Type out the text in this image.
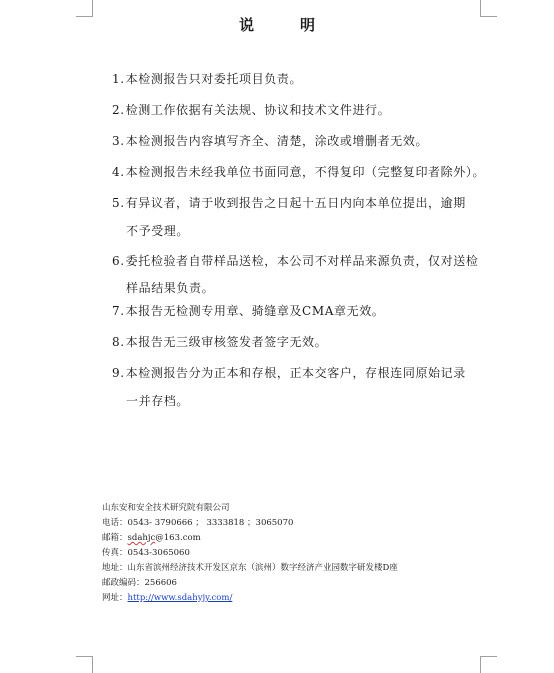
说	明
1.本检测报告只对委托项目负责。
2.检测工作依据有关法规、协议和技术文件进行。
3.本检测报告内容填写齐全、清楚，涂改或增删者无效。
4.本检测报告未经我单位书面同意，不得复印（完整复印者除外）。
5.有异议者，请于收到报告之日起十五日内向本单位提出，逾期
不予受理。
6.委托检验者自带样品送检，本公司不对样品来源负责，仅对送检
样品结果负责。
7.本报告无检测专用章、骑缝章及CMA章无效。
8.本报告无三级审核签发者签字无效。
9.本检测报告分为正本和存根，正本交客户，存根连同原始记录
一并存档。
山东安和安全技术研究院有限公司
电话：0543- 3790666 ； 3333818 ；3065070
邮箱：sdahjc@163.com
传真：0543-3065060
地址：山东省滨州经济技术开发区京东（滨州）数字经济产业园数字研发楼D座
邮政编码：256606
网址：http://www.sdahyjy.com/
